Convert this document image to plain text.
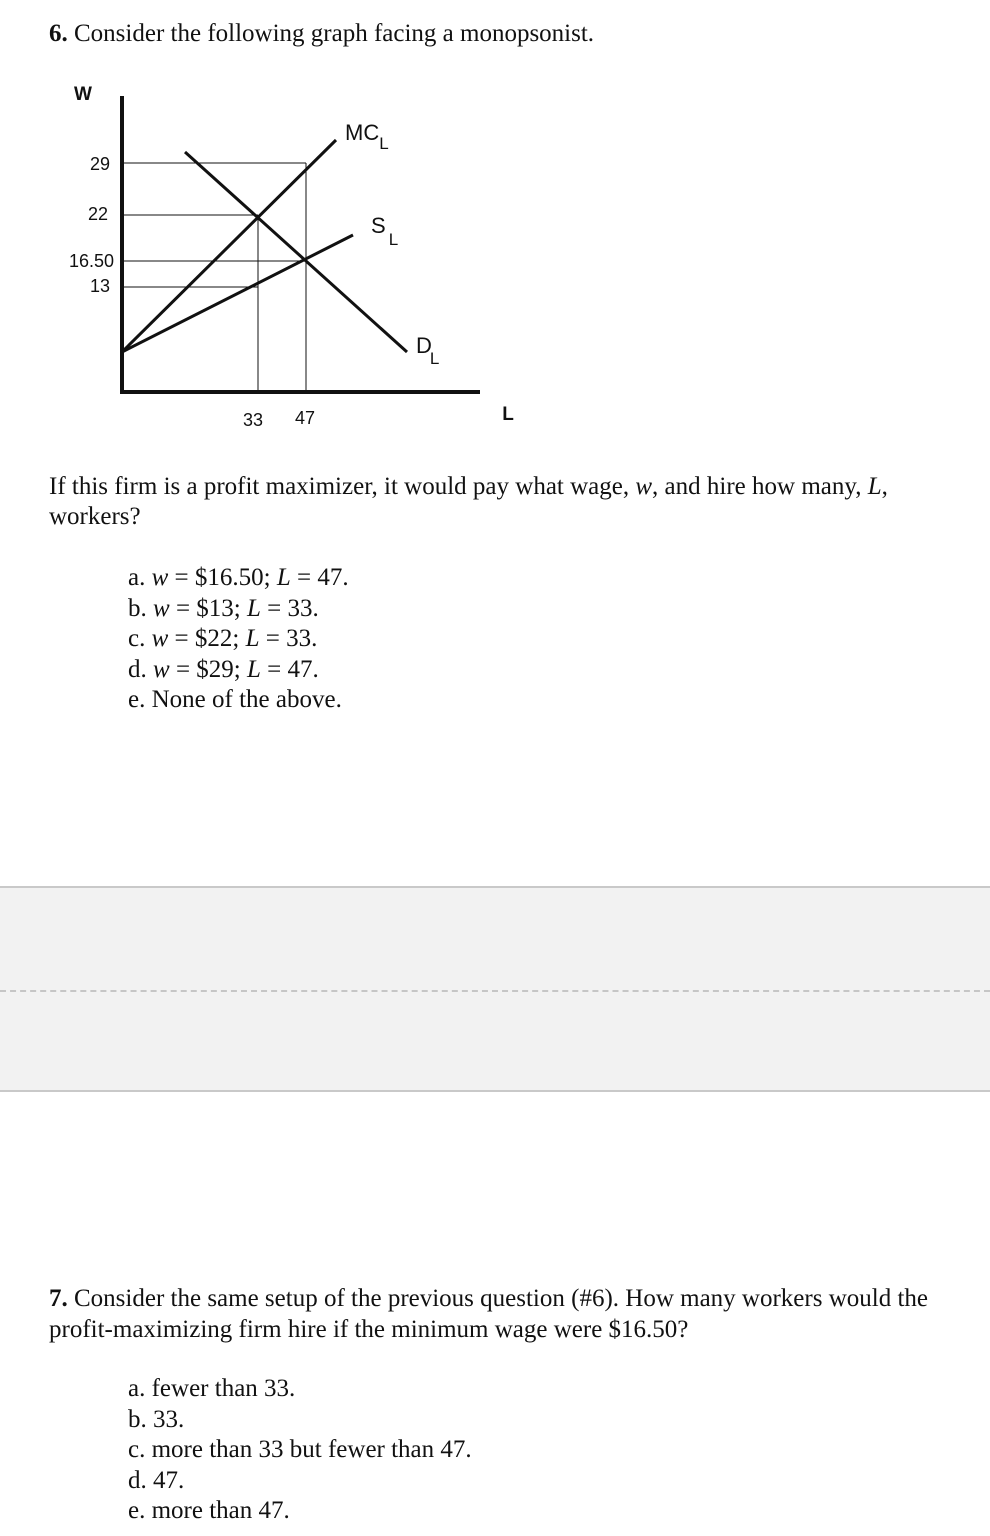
6. Consider the following graph facing a monopsonist.
W
L
29
22
16.50
13
33 47
$MC_L$
$S_L$
D L

If this firm is a profit maximizer, it would pay what wage, w, and hire how many, L, workers?

a. w = $16.50; L = 47.
b. w = $13; L = 33.
c. w = $22; L = 33.
d. w = $29; L = 47.
e. None of the above.
7. Consider the same setup of the previous question (#6). How many workers would the profit-maximizing firm hire if the minimum wage were $16.50?
a. fewer than 33.
b. 33.
c. more than 33 but fewer than 47.
d. 47.
e. more than 47.
